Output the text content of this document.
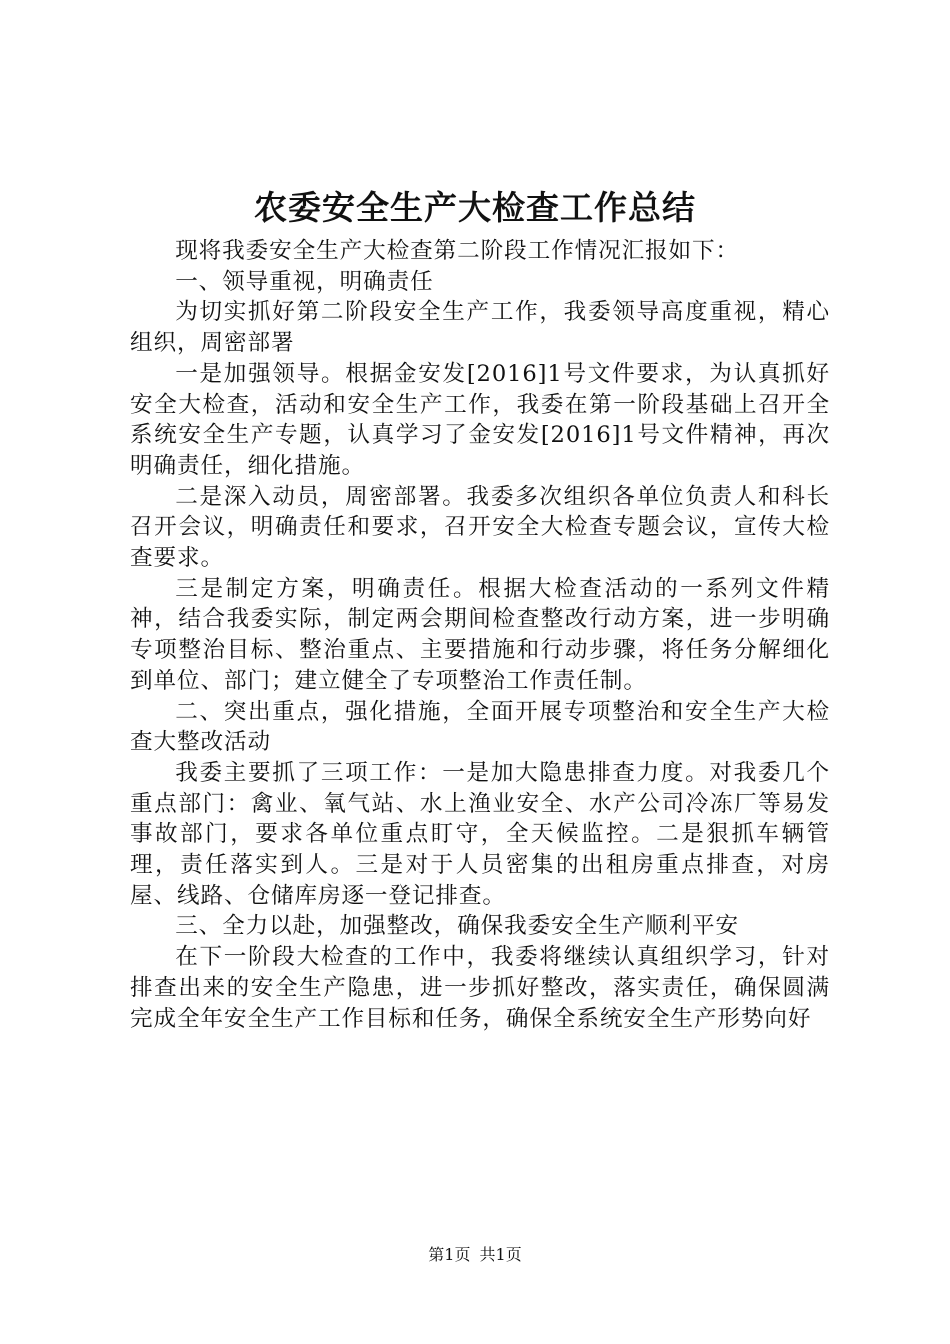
农委安全生产大检查工作总结

现将我委安全生产大检查第二阶段工作情况汇报如下：

一、领导重视，明确责任

为切实抓好第二阶段安全生产工作，我委领导高度重视，精心组织，周密部署

一是加强领导。根据金安发[2016]1号文件要求，为认真抓好安全大检查，活动和安全生产工作，我委在第一阶段基础上召开全系统安全生产专题，认真学习了金安发[2016]1号文件精神，再次明确责任，细化措施。

二是深入动员，周密部署。我委多次组织各单位负责人和科长召开会议，明确责任和要求，召开安全大检查专题会议，宣传大检查要求。

三是制定方案，明确责任。根据大检查活动的一系列文件精神，结合我委实际，制定两会期间检查整改行动方案，进一步明确专项整治目标、整治重点、主要措施和行动步骤，将任务分解细化到单位、部门；建立健全了专项整治工作责任制。

二、突出重点，强化措施，全面开展专项整治和安全生产大检查大整改活动

我委主要抓了三项工作：一是加大隐患排查力度。对我委几个重点部门：禽业、氧气站、水上渔业安全、水产公司冷冻厂等易发事故部门，要求各单位重点盯守，全天候监控。二是狠抓车辆管理，责任落实到人。三是对于人员密集的出租房重点排查，对房屋、线路、仓储库房逐一登记排查。

三、全力以赴，加强整改，确保我委安全生产顺利平安

在下一阶段大检查的工作中，我委将继续认真组织学习，针对排查出来的安全生产隐患，进一步抓好整改，落实责任，确保圆满完成全年安全生产工作目标和任务，确保全系统安全生产形势向好

第1页 共1页
